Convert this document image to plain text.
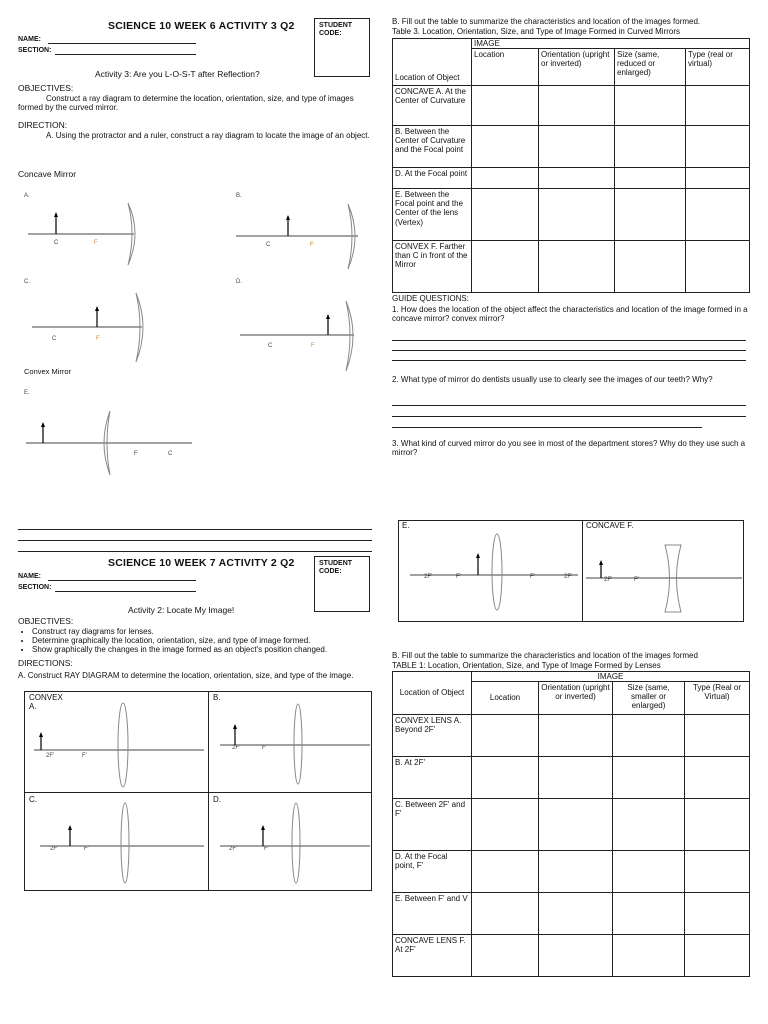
SCIENCE 10 WEEK 6 ACTIVITY 3 Q2
NAME:
SECTION:
STUDENT CODE:
Activity 3: Are you L-O-S-T after Reflection?
OBJECTIVES:
Construct a ray diagram to determine the location, orientation, size, and type of images formed by the curved mirror.
DIRECTION:
A. Using the protractor and a ruler, construct a ray diagram to locate the image of an object.
Concave Mirror
A.
C	F
B.
C	F
C.
C	F
D.
C	F
E.
F	C
Convex Mirror
B. Fill out the table to summarize the characteristics and location of the images formed.
Table 3. Location, Orientation, Size, and Type of Image Formed in Curved Mirrors
Location of Object	IMAGE			
	Location	Orientation (upright or inverted)	Size (same, reduced or enlarged)	Type (real or virtual)
CONCAVE A. At the Center of Curvature				
B. Between the Center of Curvature and the Focal point				
D. At the Focal point				
E. Between the Focal point and the Center of the lens (Vertex)				
CONVEX F. Farther than C in front of the Mirror				
GUIDE QUESTIONS:
1. How does the location of the object affect the characteristics and location of the image formed in a concave mirror? convex mirror?
2. What type of mirror do dentists usually use to clearly see the images of our teeth? Why?
3. What kind of curved mirror do you see in most of the department stores? Why do they use such a mirror?
SCIENCE 10 WEEK 7 ACTIVITY 2 Q2
NAME:
SECTION:
STUDENT CODE:
Activity 2: Locate My Image!
OBJECTIVES:
• Construct ray diagrams for lenses.
• Determine graphically the location, orientation, size, and type of image formed.
• Show graphically the changes in the image formed as an object's position changed.
DIRECTIONS:
A. Construct RAY DIAGRAM to determine the location, orientation, size, and type of the image.
CONVEX
A.
B.
C.	D.
2F'	F'
2F'	F'
2F'	F'	2F'	F'
E.	CONCAVE F.
2F'	F'	F'	2F'	2F'	F'
B. Fill out the table to summarize the characteristics and location of the images formed
TABLE 1: Location, Orientation, Size, and Type of Image Formed by Lenses
Location of Object	IMAGE			
	Location	Orientation (upright or inverted)	Size (same, smaller or enlarged)	Type (Real or Virtual)
CONVEX LENS A. Beyond 2F'				
B. At 2F'				
C. Between 2F' and F'				
D. At the Focal point, F'				
E. Between F' and V				
CONCAVE LENS F. At 2F'				
